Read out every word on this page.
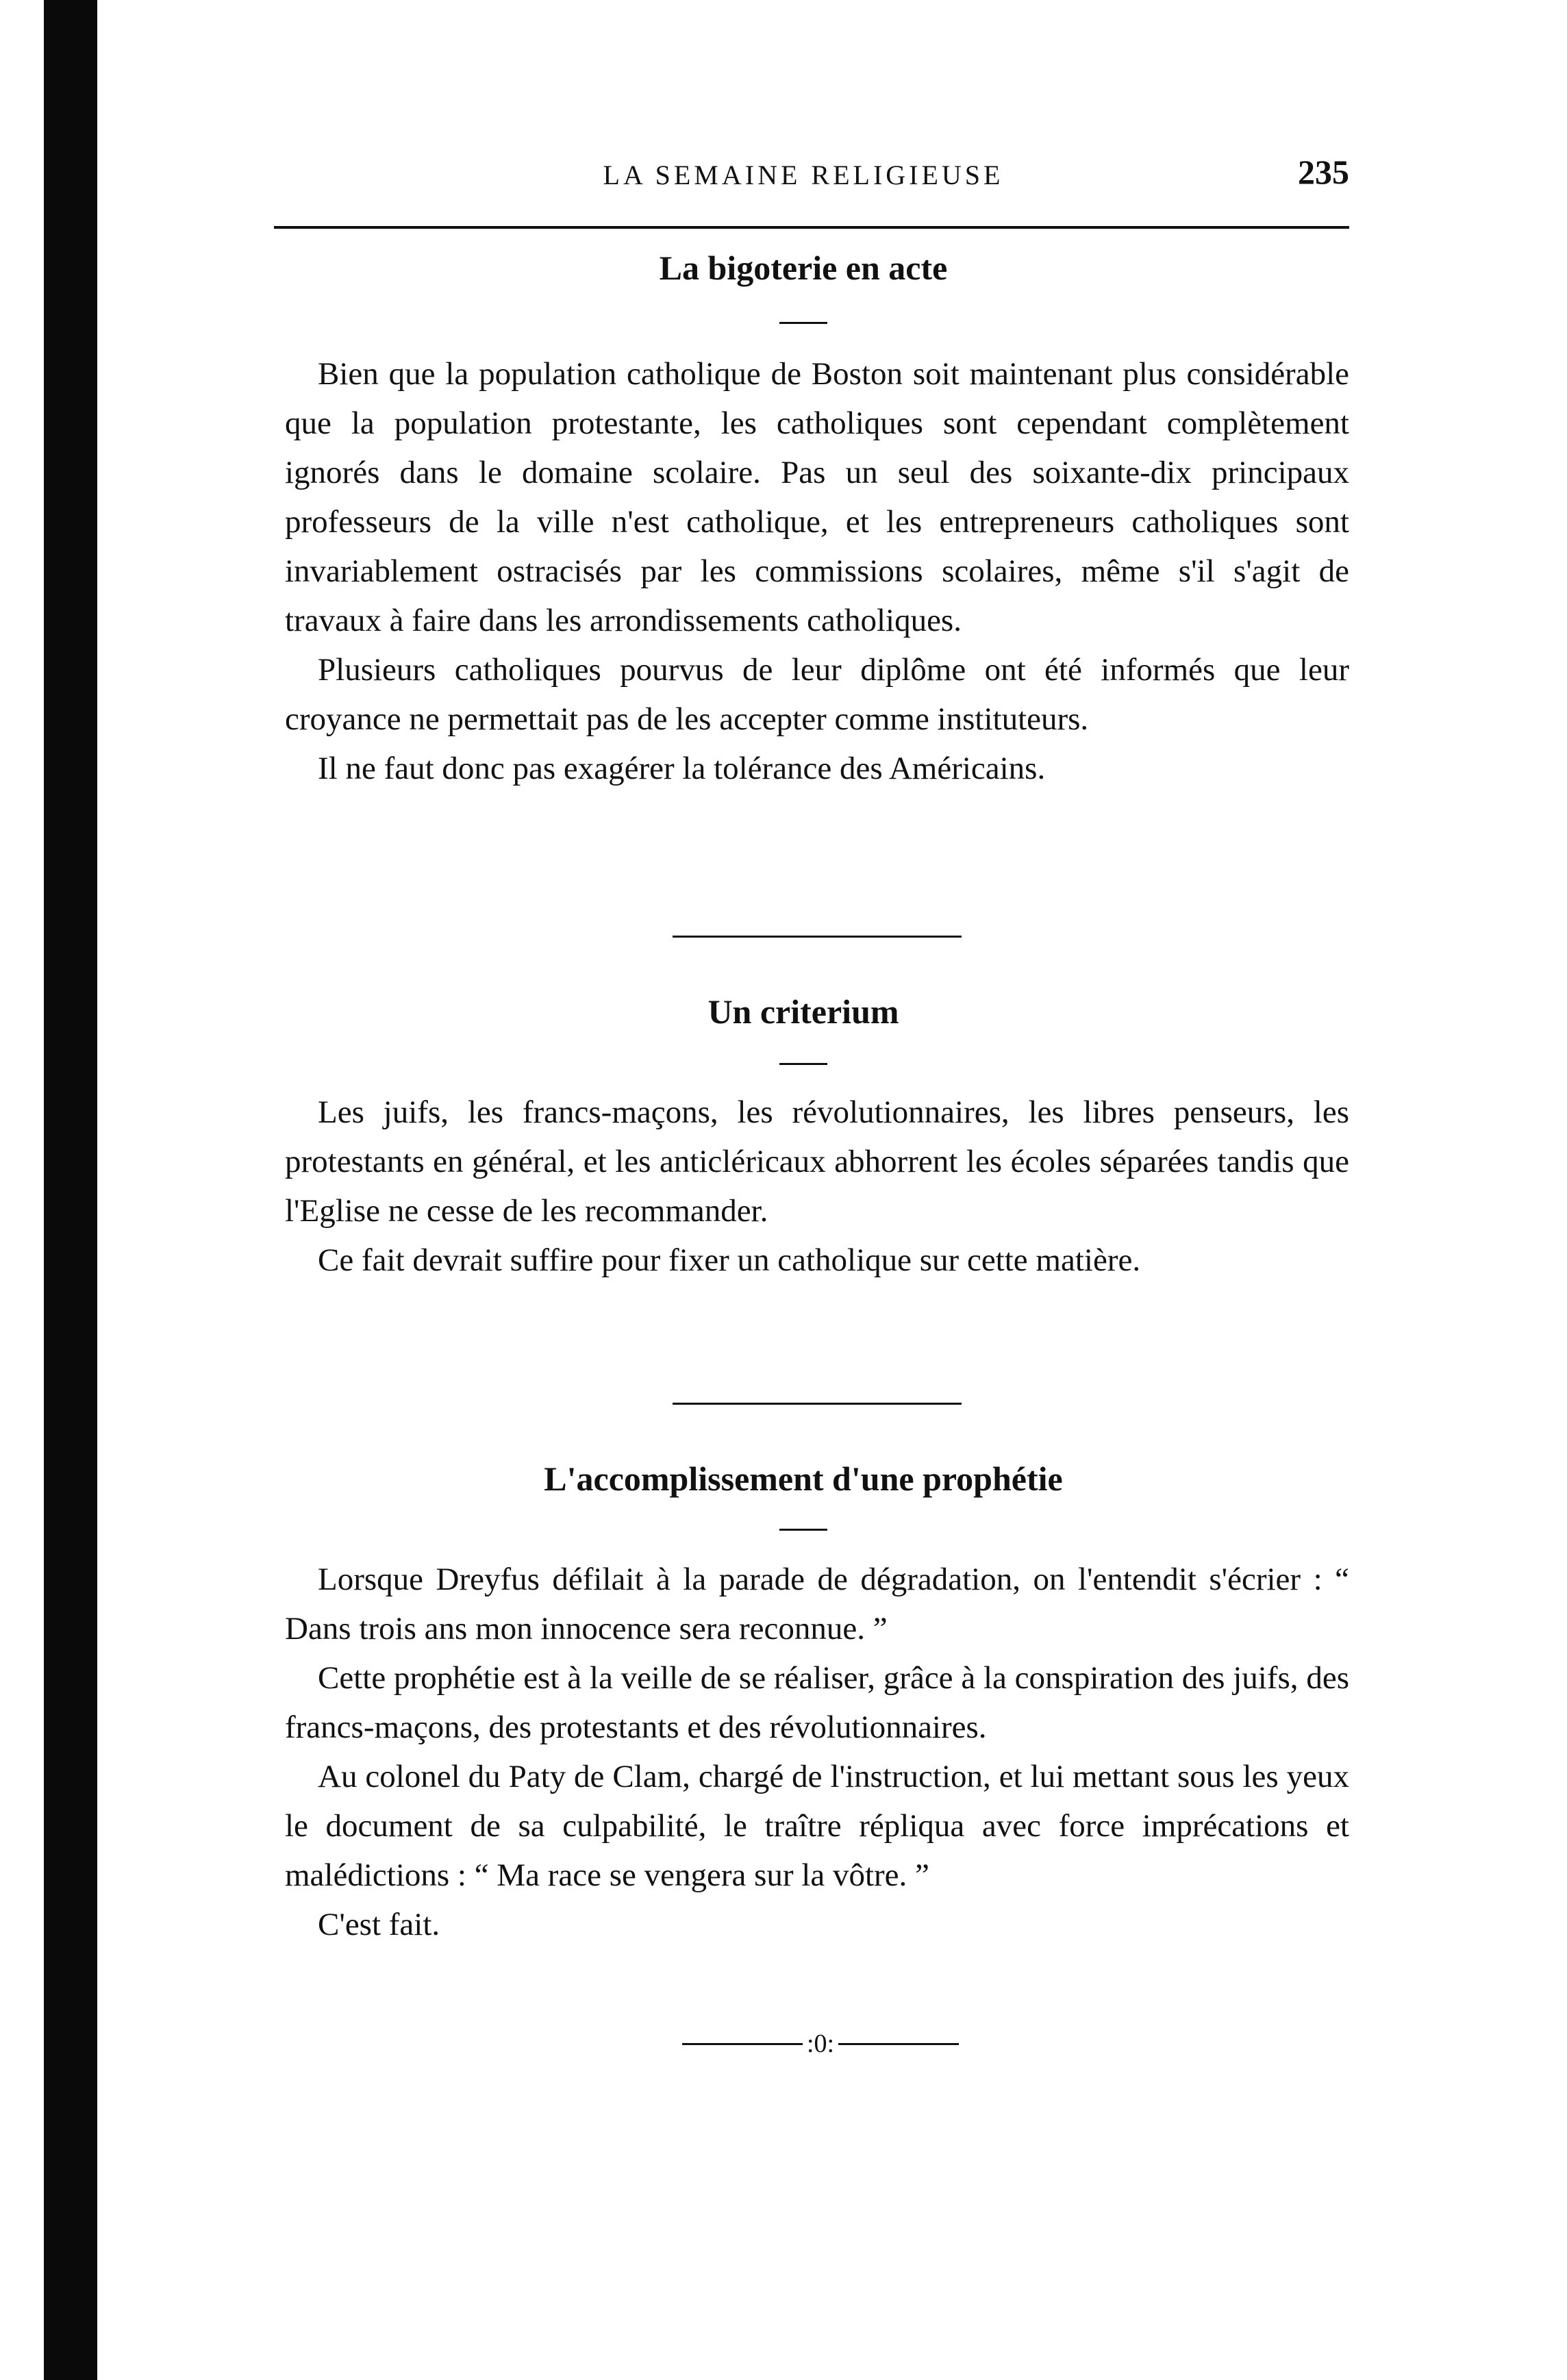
LA SEMAINE RELIGIEUSE	235
La bigoterie en acte

Bien que la population catholique de Boston soit maintenant plus considérable que la population protestante, les catholiques sont cependant complètement ignorés dans le domaine scolaire. Pas un seul des soixante-dix principaux professeurs de la ville n'est catholique, et les entrepreneurs catholiques sont invariablement ostracisés par les commissions scolaires, même s'il s'agit de travaux à faire dans les arrondissements catholiques.

Plusieurs catholiques pourvus de leur diplôme ont été informés que leur croyance ne permettait pas de les accepter comme instituteurs.

Il ne faut donc pas exagérer la tolérance des Américains.

Un criterium

Les juifs, les francs-maçons, les révolutionnaires, les libres penseurs, les protestants en général, et les anticléricaux abhorrent les écoles séparées tandis que l'Eglise ne cesse de les recommander.

Ce fait devrait suffire pour fixer un catholique sur cette matière.

L'accomplissement d'une prophétie

Lorsque Dreyfus défilait à la parade de dégradation, on l'entendit s'écrier : “ Dans trois ans mon innocence sera reconnue. ”

Cette prophétie est à la veille de se réaliser, grâce à la conspiration des juifs, des francs-maçons, des protestants et des révolutionnaires.

Au colonel du Paty de Clam, chargé de l'instruction, et lui mettant sous les yeux le document de sa culpabilité, le traître répliqua avec force imprécations et malédictions : “ Ma race se vengera sur la vôtre. ”

C'est fait.

:0:
